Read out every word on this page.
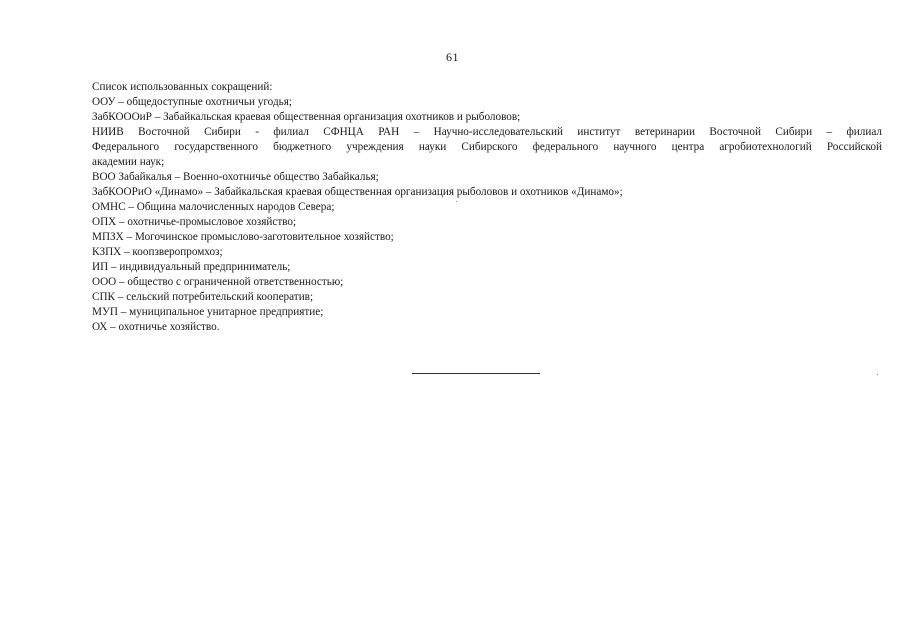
61

Список использованных сокращений:

ООУ – общедоступные охотничьи угодья;

ЗабКОООиР – Забайкальская краевая общественная организация охотников и рыболовов;

НИИВ Восточной Сибири - филиал СФНЦА РАН – Научно-исследовательский институт ветеринарии Восточной Сибири – филиал

Федерального государственного бюджетного учреждения науки Сибирского федерального научного центра агробиотехнологий Российской

академии наук;

ВОО Забайкалья – Военно-охотничье общество Забайкалья;

ЗабКООРиО «Динамо» – Забайкальская краевая общественная организация рыболовов и охотников «Динамо»;

ОМНС – Община малочисленных народов Севера;

ОПХ – охотничье-промысловое хозяйство;

МПЗХ – Могочинское промыслово-заготовительное хозяйство;

КЗПХ – коопзверопромхоз;

ИП – индивидуальный предприниматель;

ООО – общество с ограниченной ответственностью;

СПК – сельский потребительский кооператив;

МУП – муниципальное унитарное предприятие;

ОХ – охотничье хозяйство.
